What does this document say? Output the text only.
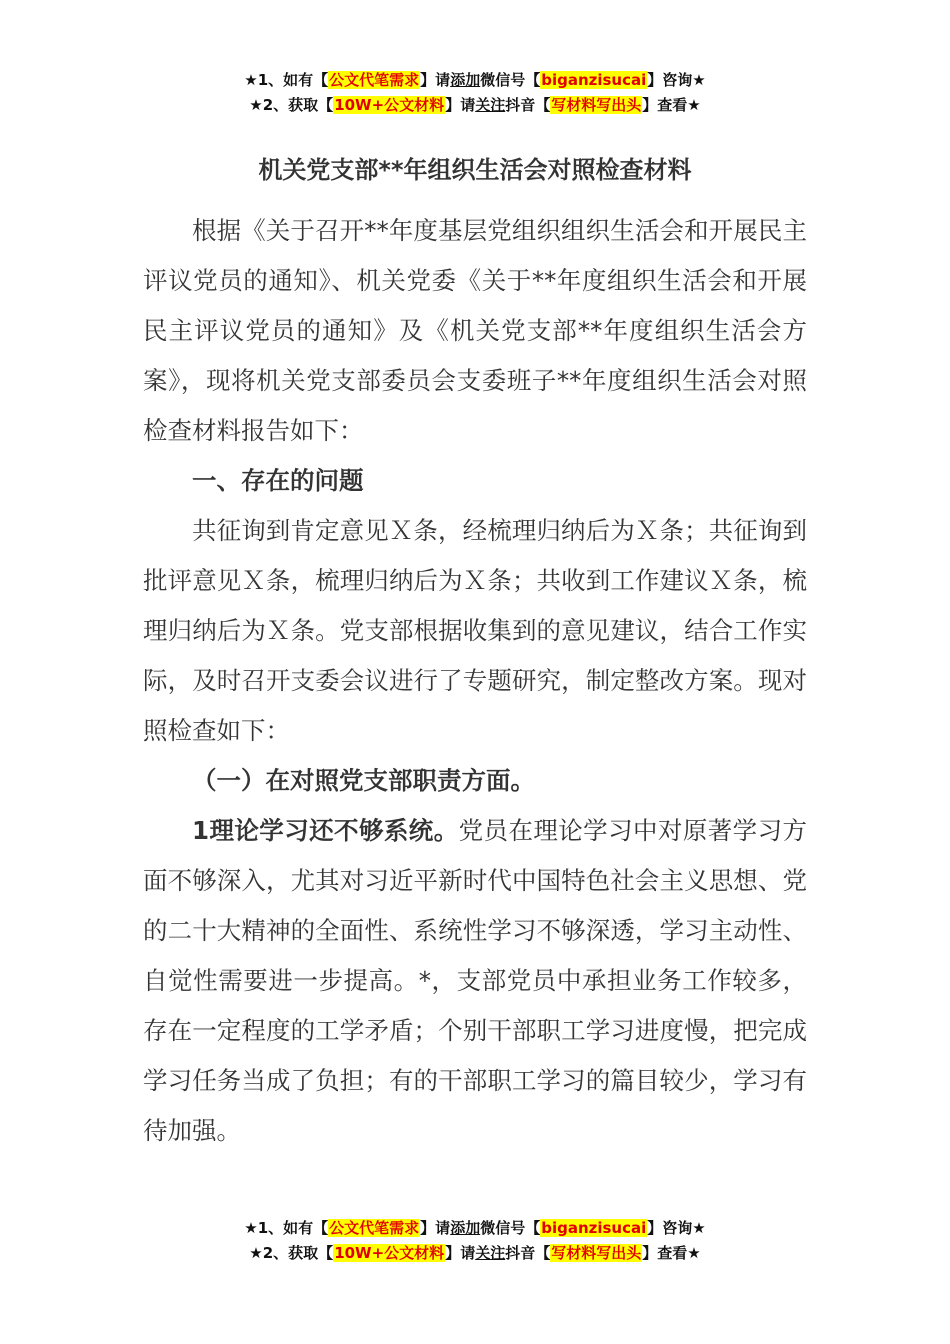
★1、如有【公文代笔需求】请添加微信号【biganzisucai】咨询★
★2、获取【10W+公文材料】请关注抖音【写材料写出头】查看★
机关党支部**年组织生活会对照检查材料

根据《关于召开**年度基层党组织组织生活会和开展民主评议党员的通知》、机关党委《关于**年度组织生活会和开展民主评议党员的通知》及《机关党支部**年度组织生活会方案》，现将机关党支部委员会支委班子**年度组织生活会对照检查材料报告如下：

一、存在的问题

共征询到肯定意见Ｘ条，经梳理归纳后为Ｘ条；共征询到批评意见Ｘ条，梳理归纳后为Ｘ条；共收到工作建议Ｘ条，梳理归纳后为Ｘ条。党支部根据收集到的意见建议，结合工作实际，及时召开支委会议进行了专题研究，制定整改方案。现对照检查如下：

（一）在对照党支部职责方面。

1理论学习还不够系统。党员在理论学习中对原著学习方面不够深入，尤其对习近平新时代中国特色社会主义思想、党的二十大精神的全面性、系统性学习不够深透，学习主动性、自觉性需要进一步提高。*，支部党员中承担业务工作较多，存在一定程度的工学矛盾；个别干部职工学习进度慢，把完成学习任务当成了负担；有的干部职工学习的篇目较少，学习有待加强。

★1、如有【公文代笔需求】请添加微信号【biganzisucai】咨询★
★2、获取【10W+公文材料】请关注抖音【写材料写出头】查看★
